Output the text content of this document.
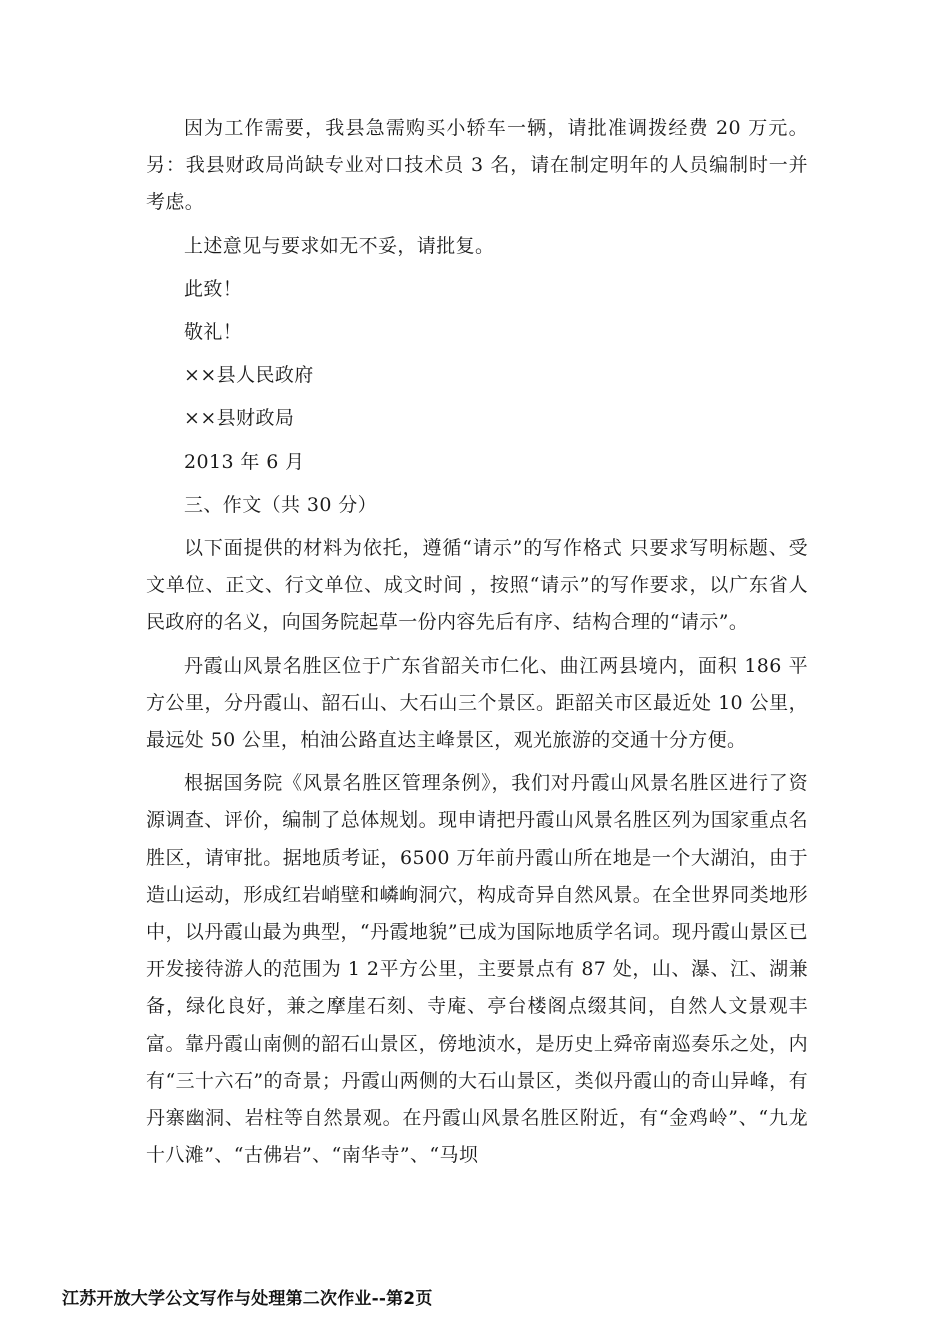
因为工作需要，我县急需购买小轿车一辆，请批准调拨经费 20 万元。另：我县财政局尚缺专业对口技术员 3 名，请在制定明年的人员编制时一并考虑。

上述意见与要求如无不妥，请批复。

此致！

敬礼！

××县人民政府

××县财政局

2013 年 6 月

三、作文（共 30 分）

以下面提供的材料为依托，遵循“请示”的写作格式 只要求写明标题、受文单位、正文、行文单位、成文时间 ，按照“请示”的写作要求，以广东省人民政府的名义，向国务院起草一份内容先后有序、结构合理的“请示”。

丹霞山风景名胜区位于广东省韶关市仁化、曲江两县境内，面积 186 平方公里，分丹霞山、韶石山、大石山三个景区。距韶关市区最近处 10 公里，最远处 50 公里，柏油公路直达主峰景区，观光旅游的交通十分方便。

根据国务院《风景名胜区管理条例》，我们对丹霞山风景名胜区进行了资源调查、评价，编制了总体规划。现申请把丹霞山风景名胜区列为国家重点名胜区，请审批。据地质考证，6500 万年前丹霞山所在地是一个大湖泊，由于造山运动，形成红岩峭壁和嶙峋洞穴，构成奇异自然风景。在全世界同类地形中，以丹霞山最为典型，“丹霞地貌”已成为国际地质学名词。现丹霞山景区已开发接待游人的范围为 1 2平方公里，主要景点有 87 处，山、瀑、江、湖兼备，绿化良好，兼之摩崖石刻、寺庵、亭台楼阁点缀其间，自然人文景观丰富。靠丹霞山南侧的韶石山景区，傍地浈水，是历史上舜帝南巡奏乐之处，内有“三十六石”的奇景；丹霞山两侧的大石山景区，类似丹霞山的奇山异峰，有丹寨幽洞、岩柱等自然景观。在丹霞山风景名胜区附近，有“金鸡岭”、“九龙十八滩”、“古佛岩”、“南华寺”、“马坝

江苏开放大学公文写作与处理第二次作业--第2页
